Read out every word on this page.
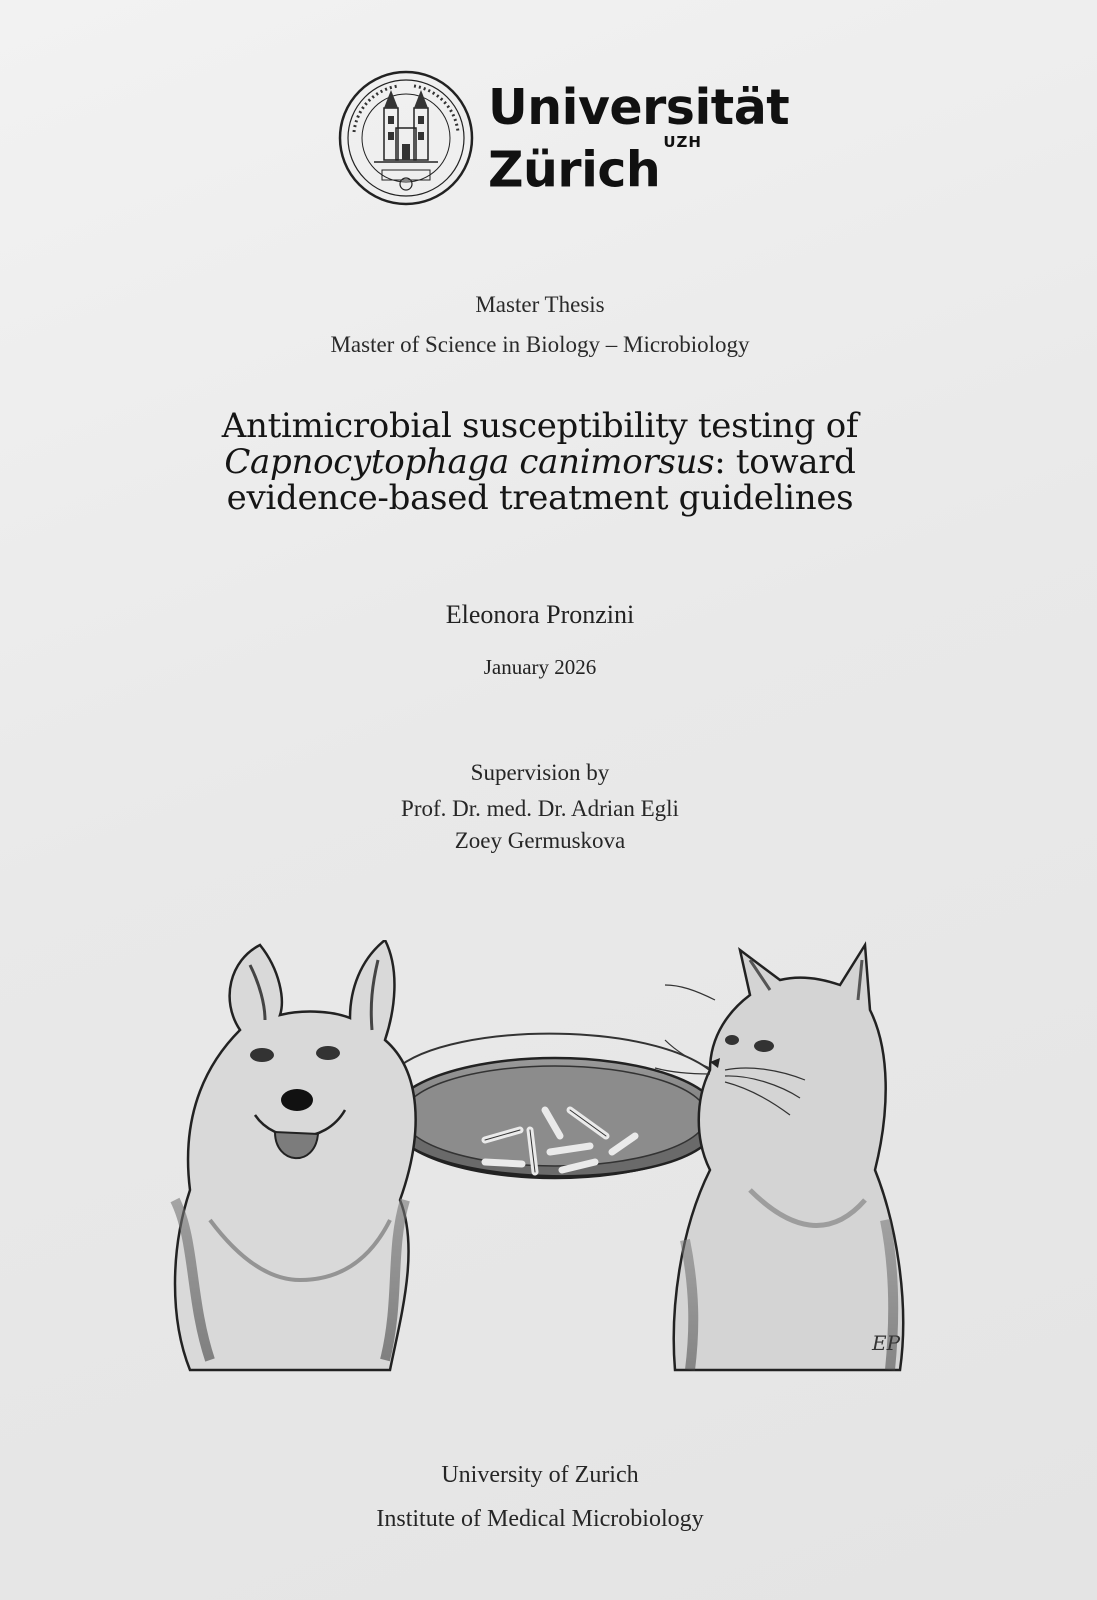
Universität
Zürich $^{UZH}$
Master Thesis
Master of Science in Biology – Microbiology
Antimicrobial susceptibility testing of
Capnocytophaga canimorsus: toward
evidence-based treatment guidelines
Eleonora Pronzini
January 2026
Supervision by
Prof. Dr. med. Dr. Adrian Egli
Zoey Germuskova
EP
University of Zurich
Institute of Medical Microbiology
